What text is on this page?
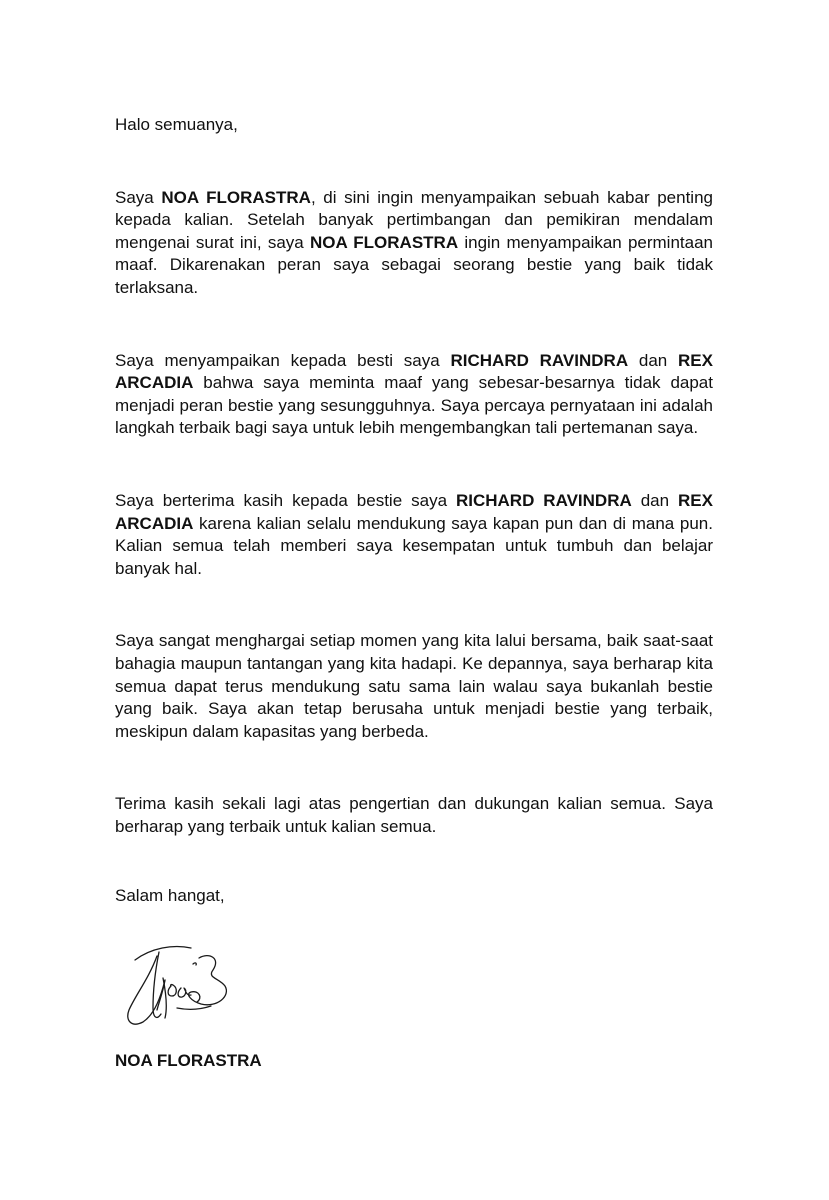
Halo semuanya,

Saya NOA FLORASTRA, di sini ingin menyampaikan sebuah kabar penting kepada kalian. Setelah banyak pertimbangan dan pemikiran mendalam mengenai surat ini, saya NOA FLORASTRA ingin menyampaikan permintaan maaf. Dikarenakan peran saya sebagai seorang bestie yang baik tidak terlaksana.

Saya menyampaikan kepada besti saya RICHARD RAVINDRA dan REX ARCADIA bahwa saya meminta maaf yang sebesar-besarnya tidak dapat menjadi peran bestie yang sesungguhnya. Saya percaya pernyataan ini adalah langkah terbaik bagi saya untuk lebih mengembangkan tali pertemanan saya.

Saya berterima kasih kepada bestie saya RICHARD RAVINDRA dan REX ARCADIA karena kalian selalu mendukung saya kapan pun dan di mana pun. Kalian semua telah memberi saya kesempatan untuk tumbuh dan belajar banyak hal.

Saya sangat menghargai setiap momen yang kita lalui bersama, baik saat-saat bahagia maupun tantangan yang kita hadapi. Ke depannya, saya berharap kita semua dapat terus mendukung satu sama lain walau saya bukanlah bestie yang baik. Saya akan tetap berusaha untuk menjadi bestie yang terbaik, meskipun dalam kapasitas yang berbeda.

Terima kasih sekali lagi atas pengertian dan dukungan kalian semua. Saya berharap yang terbaik untuk kalian semua.

Salam hangat,

NOA FLORASTRA
